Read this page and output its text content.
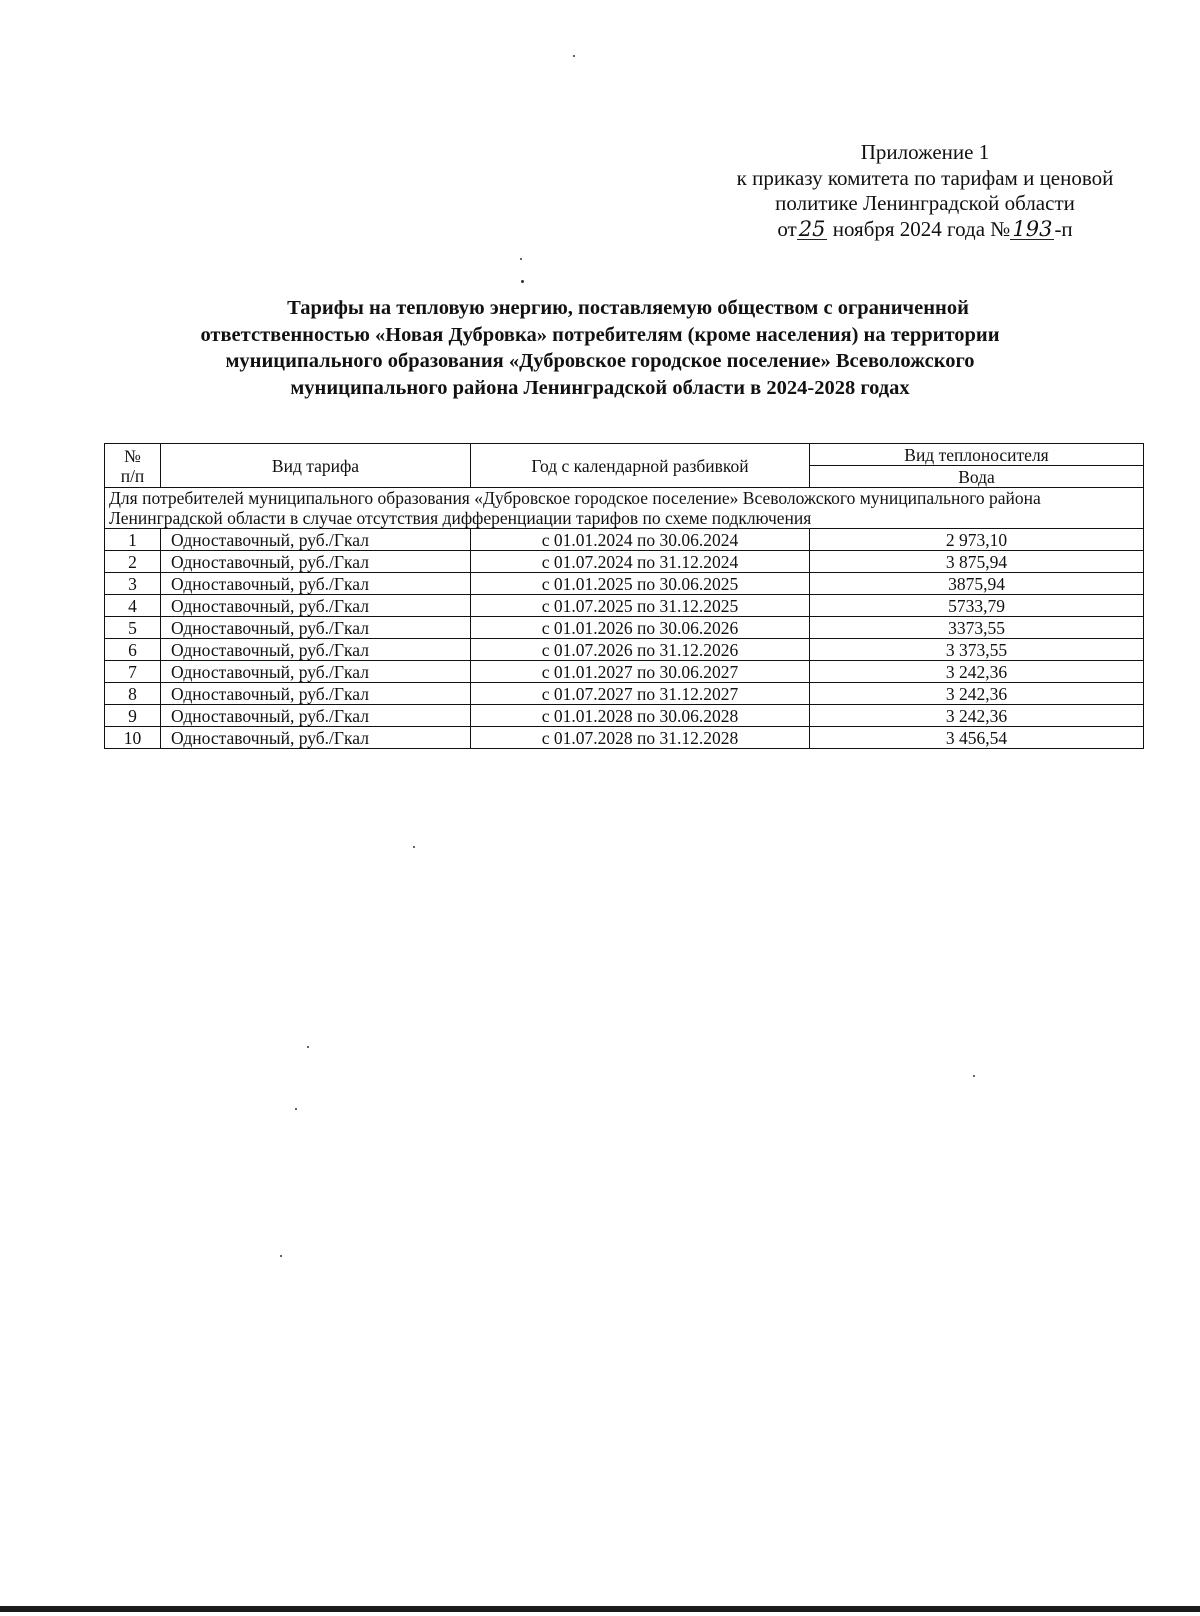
Приложение 1
к приказу комитета по тарифам и ценовой
политике Ленинградской области
от25 ноября 2024 года №193-п
Тарифы на тепловую энергию, поставляемую обществом с ограниченной
ответственностью «Новая Дубровка» потребителям (кроме населения) на территории
муниципального образования «Дубровское городское поселение» Всеволожского
муниципального района Ленинградской области в 2024-2028 годах
№
п/п	Вид тарифа	Год с календарной разбивкой	Вид теплоносителя
			Вода
Для потребителей муниципального образования «Дубровское городское поселение» Всеволожского муниципального района Ленинградской области в случае отсутствия дифференциации тарифов по схеме подключения			
1	Одноставочный, руб./Гкал	с 01.01.2024 по 30.06.2024	2 973,10
2	Одноставочный, руб./Гкал	с 01.07.2024 по 31.12.2024	3 875,94
3	Одноставочный, руб./Гкал	с 01.01.2025 по 30.06.2025	3875,94
4	Одноставочный, руб./Гкал	с 01.07.2025 по 31.12.2025	5733,79
5	Одноставочный, руб./Гкал	с 01.01.2026 по 30.06.2026	3373,55
6	Одноставочный, руб./Гкал	с 01.07.2026 по 31.12.2026	3 373,55
7	Одноставочный, руб./Гкал	с 01.01.2027 по 30.06.2027	3 242,36
8	Одноставочный, руб./Гкал	с 01.07.2027 по 31.12.2027	3 242,36
9	Одноставочный, руб./Гкал	с 01.01.2028 по 30.06.2028	3 242,36
10	Одноставочный, руб./Гкал	с 01.07.2028 по 31.12.2028	3 456,54
